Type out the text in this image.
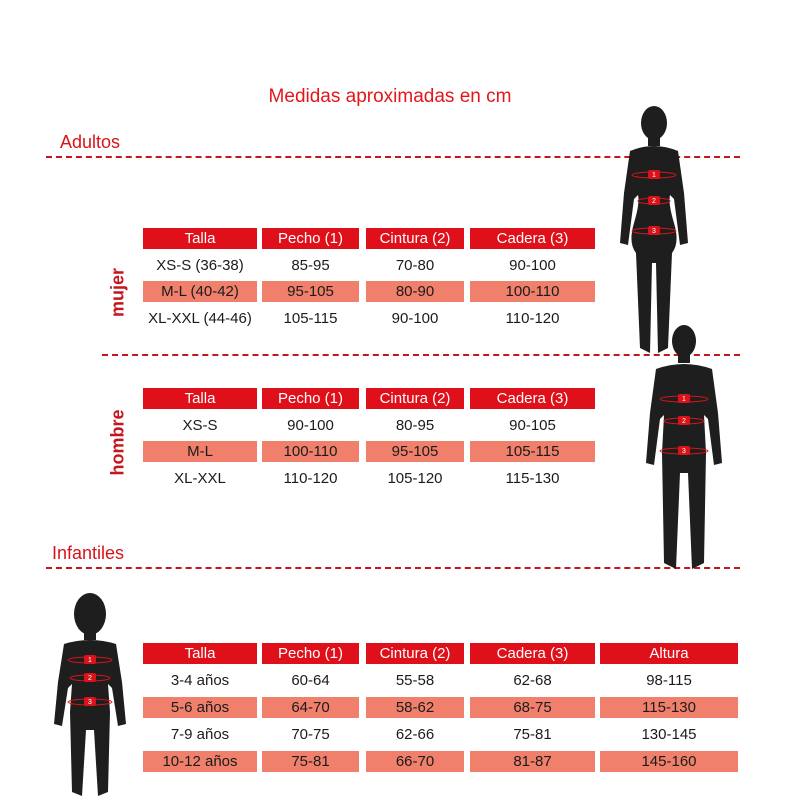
Medidas aproximadas en cm
Adultos
Infantiles
mujer
hombre
Talla	Pecho (1)	Cintura (2)	Cadera (3)
XS-S (36-38)	85-95	70-80	90-100
M-L (40-42)	95-105	80-90	100-110
XL-XXL (44-46)	105-115	90-100	110-120
Talla	Pecho (1)	Cintura (2)	Cadera (3)
XS-S	90-100	80-95	90-105
M-L	100-110	95-105	105-115
XL-XXL	110-120	105-120	115-130
Talla	Pecho (1)	Cintura (2)	Cadera (3)	Altura
3-4 años	60-64	55-58	62-68	98-115
5-6 años	64-70	58-62	68-75	115-130
7-9 años	70-75	62-66	75-81	130-145
10-12 años	75-81	66-70	81-87	145-160
1
2
3
1
2
3
1
2
3
